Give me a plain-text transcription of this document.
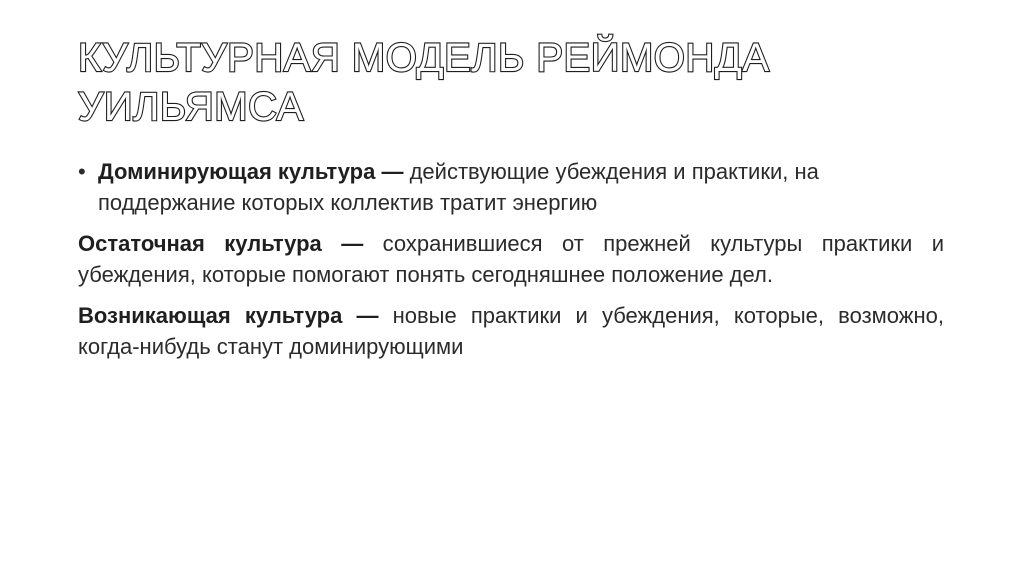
КУЛЬТУРНАЯ МОДЕЛЬ РЕЙМОНДА
УИЛЬЯМСА

• Доминирующая культура — действующие убеждения и практики, на поддержание которых коллектив тратит энергию

Остаточная культура — сохранившиеся от прежней культуры практики и убеждения, которые помогают понять сегодняшнее положение дел.

Возникающая культура — новые практики и убеждения, которые, возможно, когда-нибудь станут доминирующими
